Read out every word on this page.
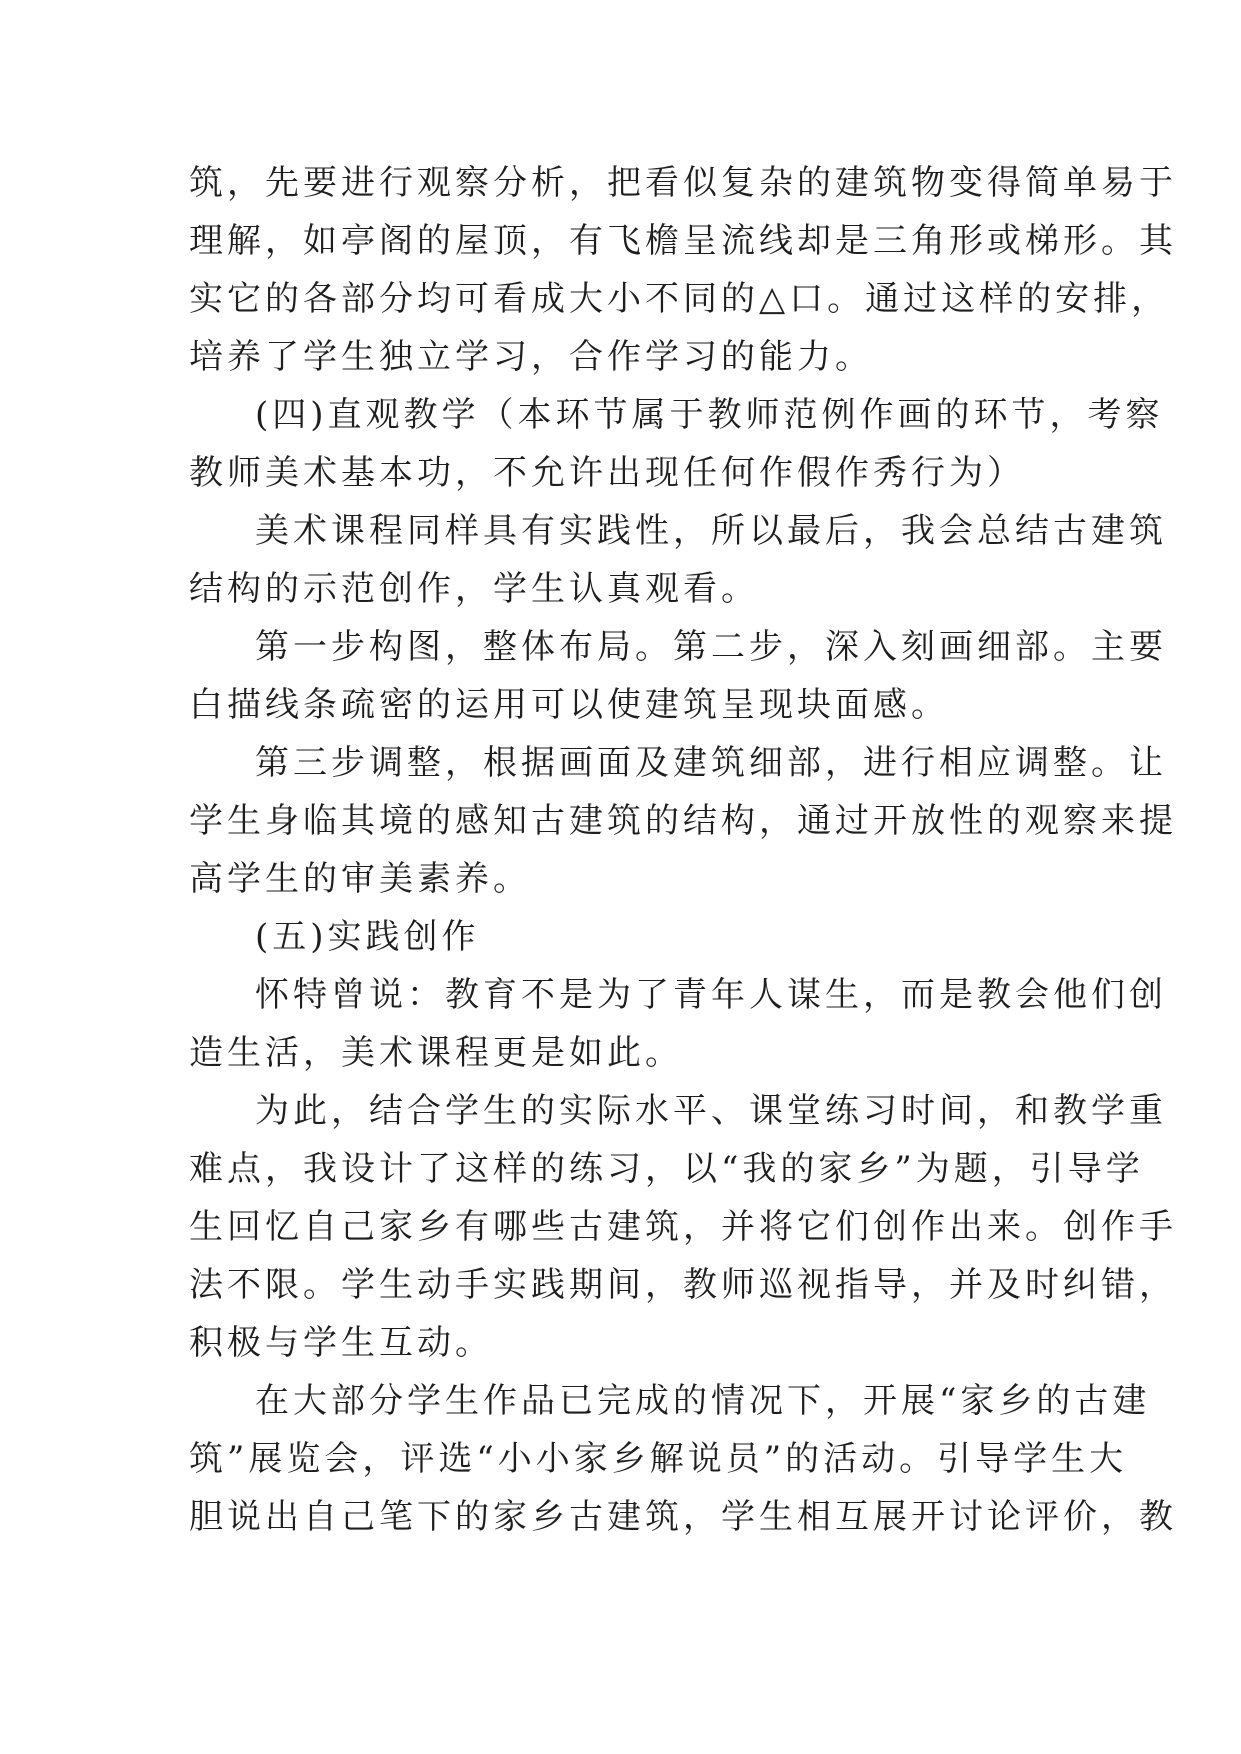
筑，先要进行观察分析，把看似复杂的建筑物变得简单易于
理解，如亭阁的屋顶，有飞檐呈流线却是三角形或梯形。其
实它的各部分均可看成大小不同的△口。通过这样的安排，
培养了学生独立学习，合作学习的能力。
(四)直观教学（本环节属于教师范例作画的环节，考察
教师美术基本功，不允许出现任何作假作秀行为）
美术课程同样具有实践性，所以最后，我会总结古建筑
结构的示范创作，学生认真观看。
第一步构图，整体布局。第二步，深入刻画细部。主要
白描线条疏密的运用可以使建筑呈现块面感。
第三步调整，根据画面及建筑细部，进行相应调整。让
学生身临其境的感知古建筑的结构，通过开放性的观察来提
高学生的审美素养。
(五)实践创作
怀特曾说：教育不是为了青年人谋生，而是教会他们创
造生活，美术课程更是如此。
为此，结合学生的实际水平、课堂练习时间，和教学重
难点，我设计了这样的练习，以“我的家乡”为题，引导学
生回忆自己家乡有哪些古建筑，并将它们创作出来。创作手
法不限。学生动手实践期间，教师巡视指导，并及时纠错，
积极与学生互动。
在大部分学生作品已完成的情况下，开展“家乡的古建
筑”展览会，评选“小小家乡解说员”的活动。引导学生大
胆说出自己笔下的家乡古建筑，学生相互展开讨论评价，教
